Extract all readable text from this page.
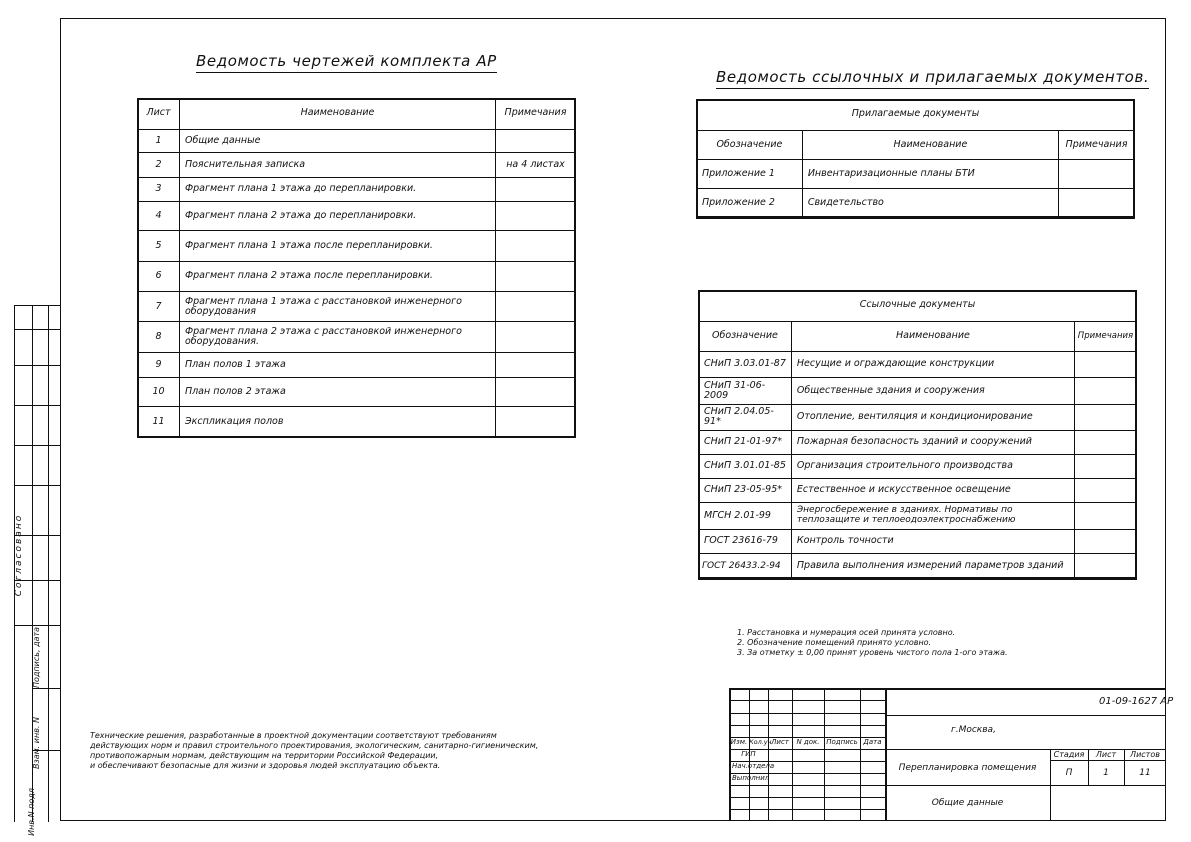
Согласовано
Подпись, дата
Взам. инв. N
Инв.N подл
Ведомость чертежей комплекта АР
Ведомость ссылочных и прилагаемых документов.
Лист	Наименование	Примечания
1	Общие данные	
2	Пояснительная записка	на 4 листах
3	Фрагмент плана 1 этажа до перепланировки.	
4	Фрагмент плана 2 этажа до перепланировки.	
5	Фрагмент плана 1 этажа после перепланировки.	
6	Фрагмент плана 2 этажа после перепланировки.	
7	Фрагмент плана 1 этажа с расстановкой инженерного оборудования	
8	Фрагмент плана 2 этажа с расстановкой инженерного оборудования.	
9	План полов 1 этажа	
10	План полов 2 этажа	
11	Экспликация полов	
Прилагаемые документы		
Обозначение	Наименование	Примечания
Приложение 1	Инвентаризационные планы БТИ	
Приложение 2	Свидетельство	
Ссылочные документы		
Обозначение	Наименование	Примечания
СНиП 3.03.01-87	Несущие и ограждающие конструкции	
СНиП 31-06-2009	Общественные здания и сооружения	
СНиП 2.04.05-91*	Отопление, вентиляция и кондиционирование	
СНиП 21-01-97*	Пожарная безопасность зданий и сооружений	
СНиП 3.01.01-85	Организация строительного производства	
СНиП 23-05-95*	Естественное и искусственное освещение	
МГСН 2.01-99	Энергосбережение в зданиях. Нормативы по теплозащите и теплоеодоэлектроснабжению	
ГОСТ 23616-79	Контроль точности	
ГОСТ 26433.2-94	Правила выполнения измерений параметров зданий	
1. Расстановка и нумерация осей принята условно.
2. Обозначение помещений принято условно.
3. За отметку ± 0,00 принят уровень чистого пола 1-ого этажа.
Технические решения, разработанные в проектной документации соответствуют требованиям
действующих норм и правил строительного проектирования, экологическим, санитарно-гигиеническим,
противопожарным нормам, действующим на территории Российской Федерации,
и обеспечивают безопасные для жизни и здоровья людей эксплуатацию объекта.
Изм. Кол.уч Лист	N док. Подпись Дата
ГИП
Нач.отдела
Выполнил
01-09-1627 АР
г.Москва,
Перепланировка помещения
Общие данные
Стадия	Лист	Листов
П	1	11
